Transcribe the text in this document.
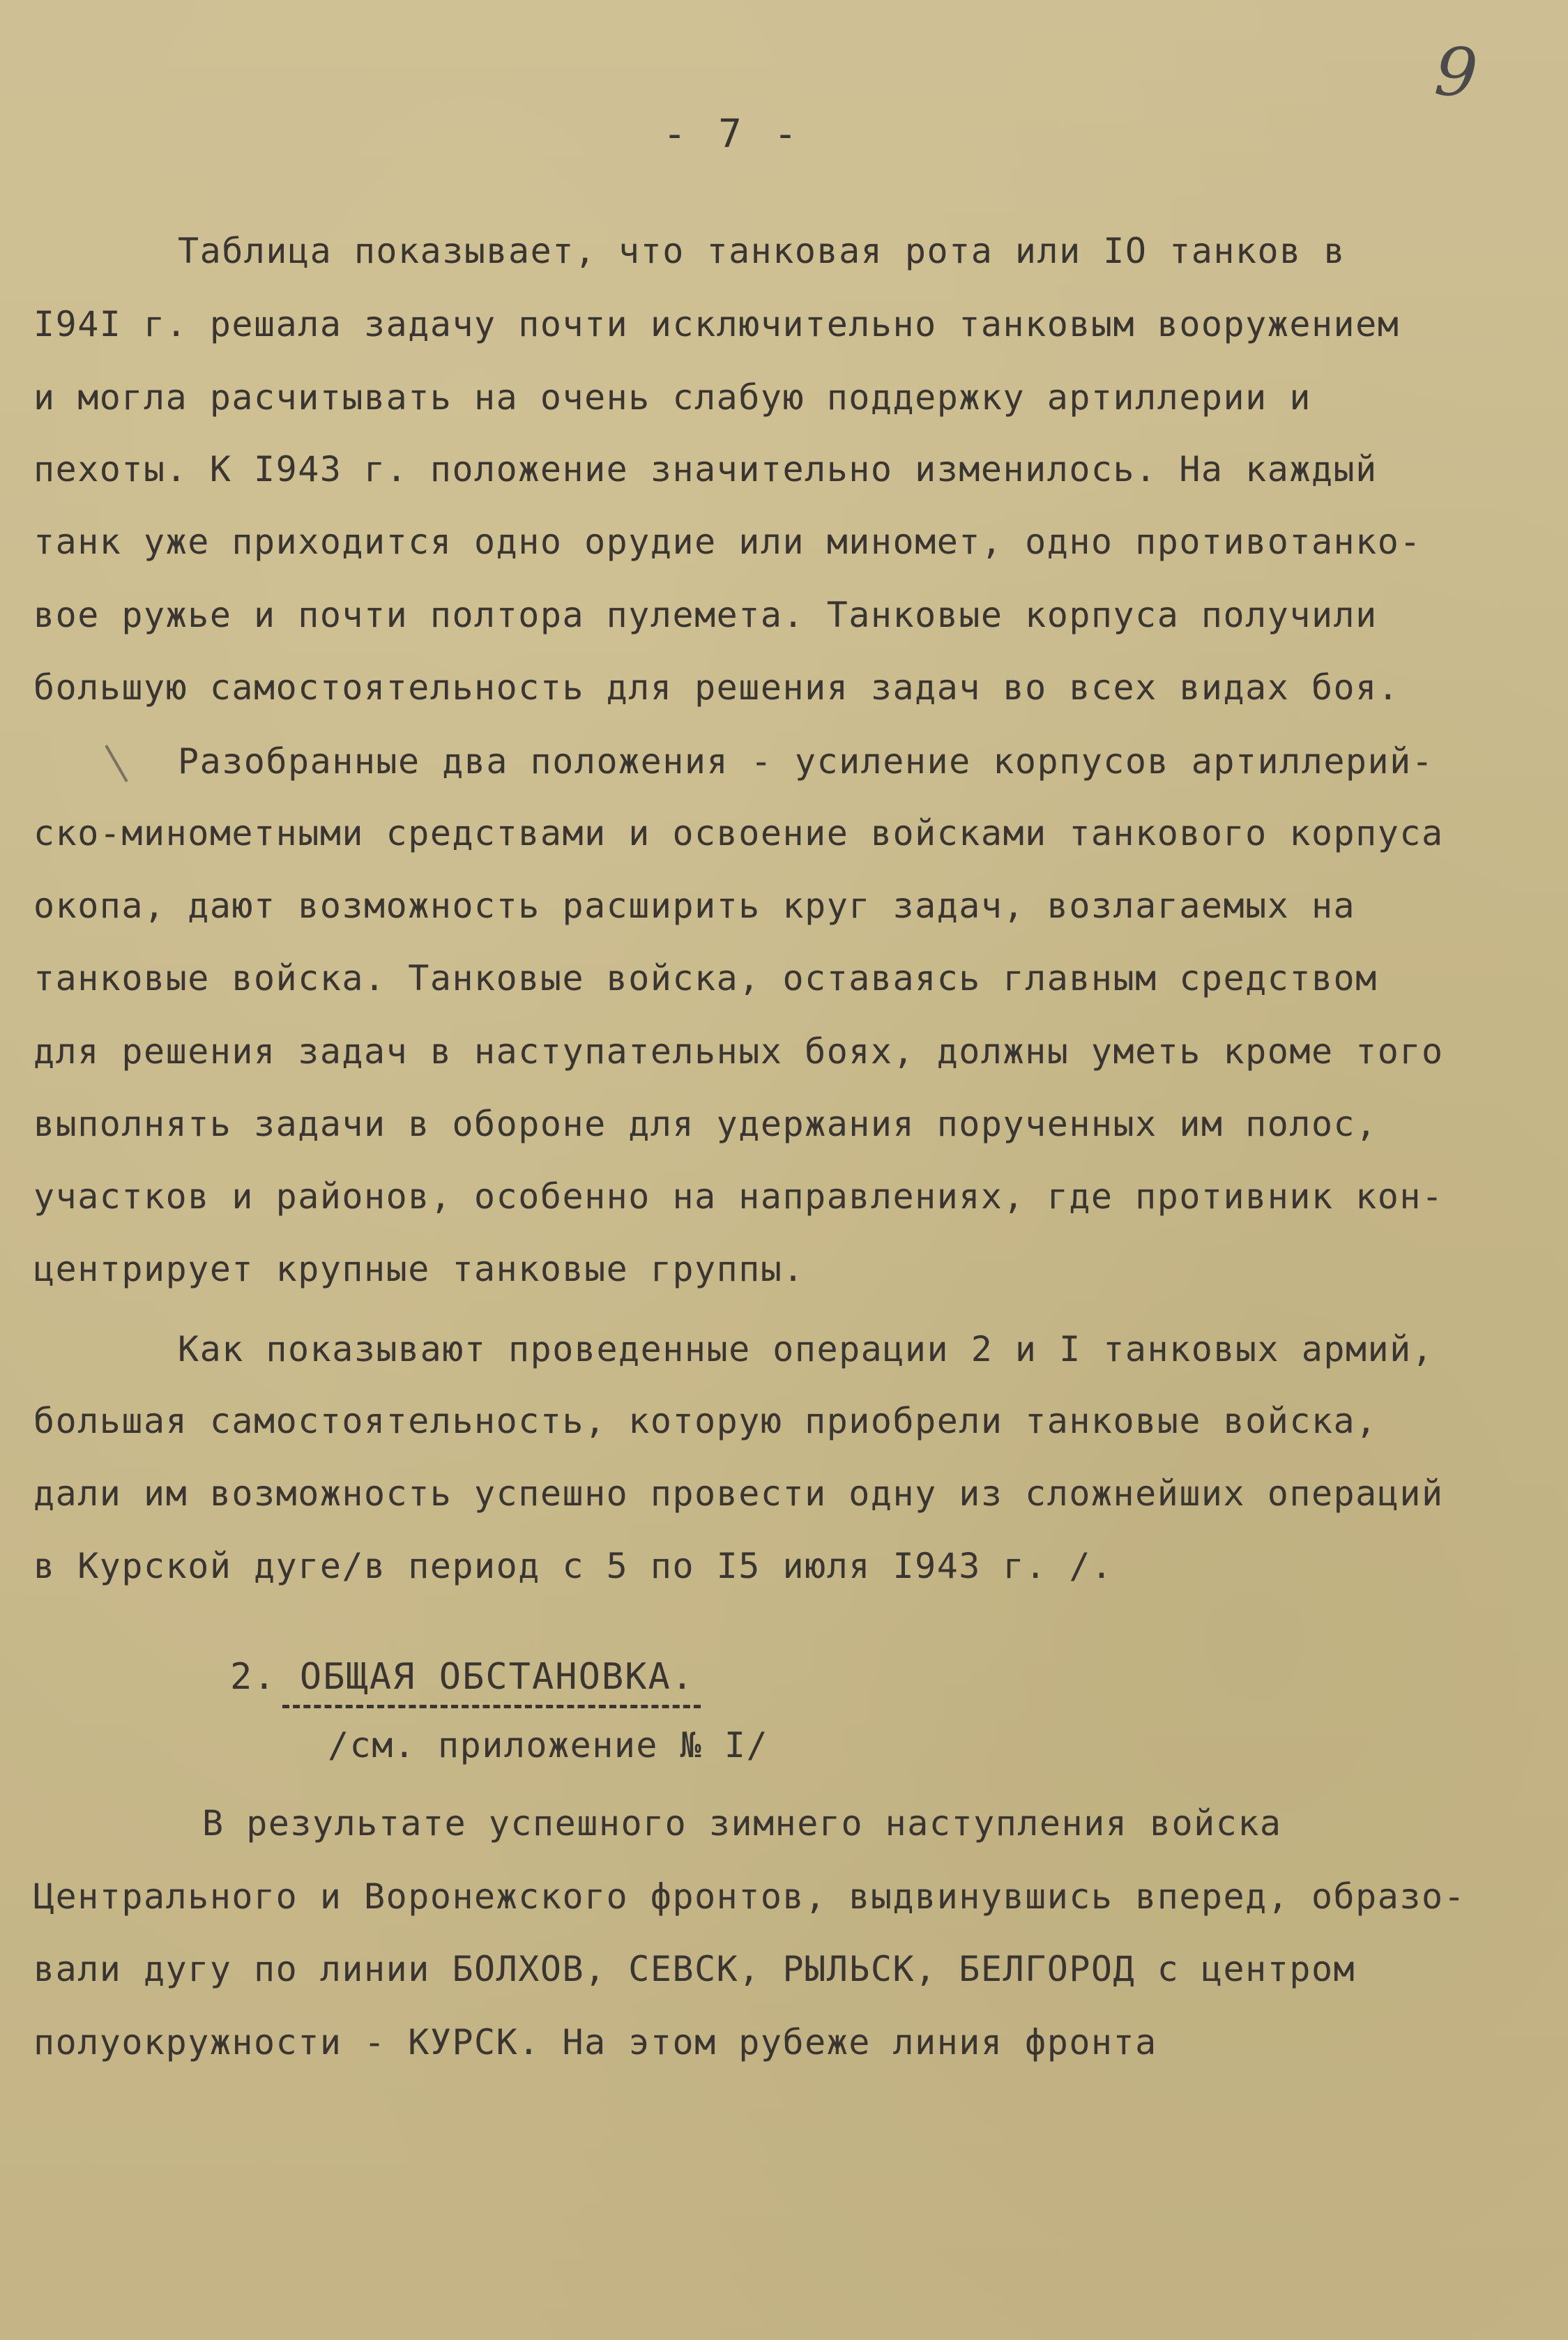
9
- 7 -
Таблица показывает, что танковая рота или IO танков в
I94I г. решала задачу почти исключительно танковым вооружением
и могла расчитывать на очень слабую поддержку артиллерии и
пехоты. К I943 г. положение значительно изменилось. На каждый
танк уже приходится одно орудие или миномет, одно противотанко-
вое ружье и почти полтора пулемета. Танковые корпуса получили
большую самостоятельность для решения задач во всех видах боя.
Разобранные два положения - усиление корпусов артиллерий-
ско-минометными средствами и освоение войсками танкового корпуса
окопа, дают возможность расширить круг задач, возлагаемых на
танковые войска. Танковые войска, оставаясь главным средством
для решения задач в наступательных боях, должны уметь кроме того
выполнять задачи в обороне для удержания порученных им полос,
участков и районов, особенно на направлениях, где противник кон-
центрирует крупные танковые группы.
Как показывают проведенные операции 2 и I танковых армий,
большая самостоятельность, которую приобрели танковые войска,
дали им возможность успешно провести одну из сложнейших операций
в Курской дуге/в период с 5 по I5 июля I943 г. /.
2. ОБЩАЯ ОБСТАНОВКА.
/см. приложение № I/
В результате успешного зимнего наступления войска
Центрального и Воронежского фронтов, выдвинувшись вперед, образо-
вали дугу по линии БОЛХОВ, СЕВСК, РЫЛЬСК, БЕЛГОРОД с центром
полуокружности - КУРСК. На этом рубеже линия фронта
